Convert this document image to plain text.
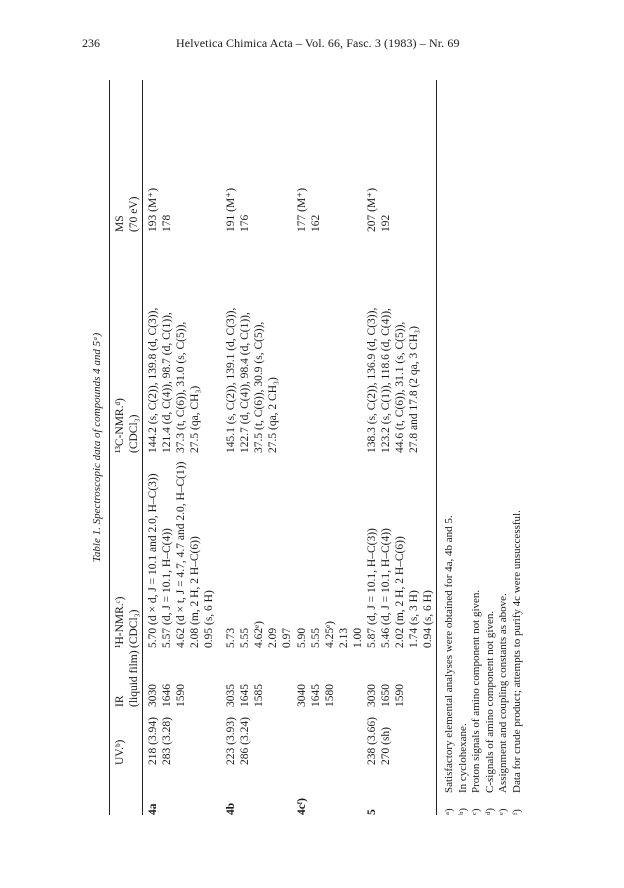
236	Helvetica Chimica Acta – Vol. 66, Fasc. 3 (1983) – Nr. 69
Table 1. Spectroscopic data of compounds 4 and 5ᵃ)
UV.ᵇ)
IR (liquid film)
¹H-NMR.ᶜ) (CDCl₃)
¹³C-NMR.ᵈ) (CDCl₃)
MS (70 eV)
4a
218 (3.94) 283 (3.28)
3030 1646 1590
5.70 (d × d, J = 10.1 and 2.0, H–C(3)) 5.57 (d, J = 10.1, H–C(4)) 4.62 (d × t, J = 4.7, 4.7 and 2.0, H–C(1)) 2.08 (m, 2 H, 2 H–C(6)) 0.95 (s, 6 H)
144.2 (s, C(2)), 139.8 (d, C(3)), 121.4 (d, C(4)), 98.7 (d, C(1)), 37.3 (t, C(6)), 31.0 (s, C(5)), 27.5 (qa, CH₃)
193 (M⁺) 178
4b
223 (3.93) 286 (3.24)
3035 1645 1585
5.73 5.55 4.62ᵉ) 2.09 0.97
145.1 (s, C(2)), 139.1 (d, C(3)), 122.7 (d, C(4)), 98.4 (d, C(1)), 37.5 (t, C(6)), 30.9 (s, C(5)), 27.5 (qa, 2 CH₃)
191 (M⁺) 176
4cᶠ)
3040 1645 1580
5.90 5.55 4.25ᵉ) 2.13 1.00
177 (M⁺) 162
5
238 (3.66) 270 (sh)
3030 1650 1590
5.87 (d, J = 10.1, H–C(3)) 5.46 (d, J = 10.1, H–C(4)) 2.02 (m, 2 H, 2 H–C(6)) 1.74 (s, 3 H) 0.94 (s, 6 H)
138.3 (s, C(2)), 136.9 (d, C(3)), 123.2 (s, C(1)), 118.6 (d, C(4)), 44.6 (t, C(6)), 31.1 (s, C(5)), 27.8 and 17.8 (2 qa, 3 CH₃)
207 (M⁺) 192
ᵃ)Satisfactory elemental analyses were obtained for 4a, 4b and 5.
ᵇ)In cyclohexane.
ᶜ)Proton signals of amino component not given.
ᵈ)C-signals of amino component not given.
ᵉ)Assignment and coupling constants as above.
ᶠ)Data for crude product; attempts to purify 4c were unsuccessful.
